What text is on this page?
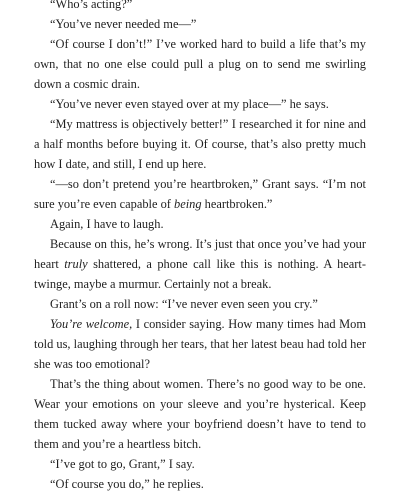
“Who’s acting?”

“You’ve never needed me—”

“Of course I don’t!” I’ve worked hard to build a life that’s my own, that no one else could pull a plug on to send me swirling down a cosmic drain.

“You’ve never even stayed over at my place—” he says.

“My mattress is objectively better!” I researched it for nine and a half months before buying it. Of course, that’s also pretty much how I date, and still, I end up here.

“—so don’t pretend you’re heartbroken,” Grant says. “I’m not sure you’re even capable of being heartbroken.”

Again, I have to laugh.

Because on this, he’s wrong. It’s just that once you’ve had your heart truly shattered, a phone call like this is nothing. A heart-twinge, maybe a murmur. Certainly not a break.

Grant’s on a roll now: “I’ve never even seen you cry.”

You’re welcome, I consider saying. How many times had Mom told us, laughing through her tears, that her latest beau had told her she was too emotional?

That’s the thing about women. There’s no good way to be one. Wear your emotions on your sleeve and you’re hysterical. Keep them tucked away where your boyfriend doesn’t have to tend to them and you’re a heartless bitch.

“I’ve got to go, Grant,” I say.

“Of course you do,” he replies.
